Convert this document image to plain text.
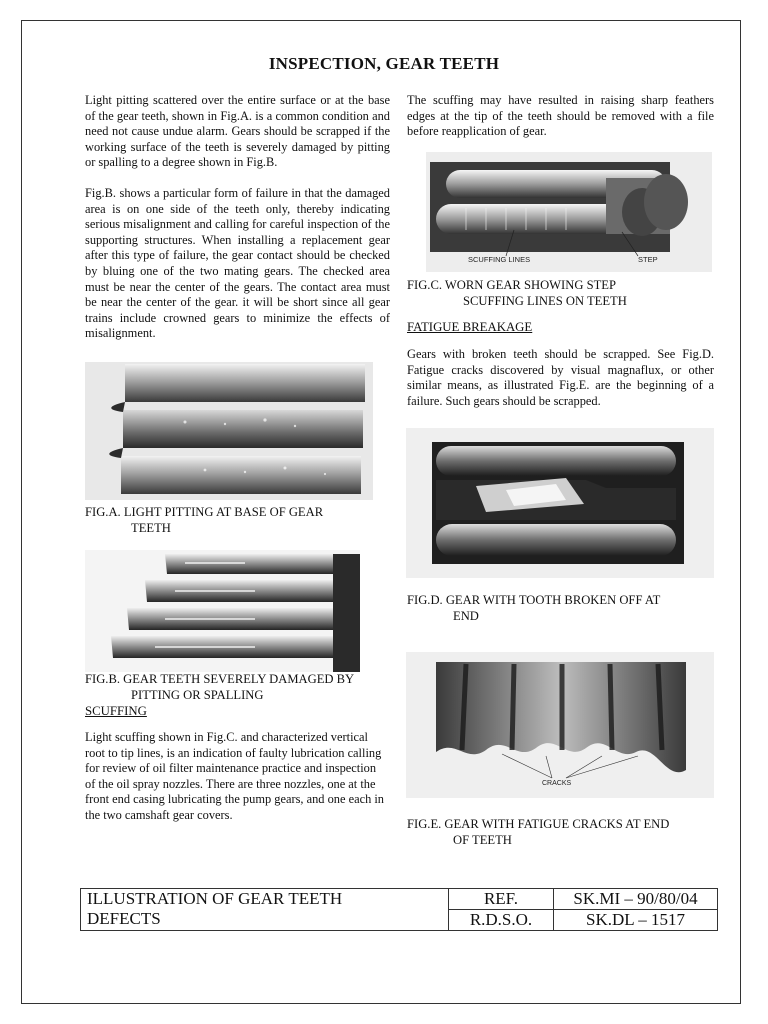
INSPECTION, GEAR TEETH

Light pitting scattered over the entire surface or at the base of the gear teeth, shown in Fig.A. is a common condition and need not cause undue alarm. Gears should be scrapped if the working surface of the teeth is severely damaged by pitting or spalling to a degree shown in Fig.B.

Fig.B. shows a particular form of failure in that the damaged area is on one side of the teeth only, thereby indicating serious misalignment and calling for careful inspection of the supporting structures. When installing a replacement gear after this type of failure, the gear contact should be checked by bluing one of the two mating gears. The checked area must be near the center of the gears. The contact area must be near the center of the gear. it will be short since all gear trains include crowned gears to minimize the effects of misalignment.

FIG.A. LIGHT PITTING AT BASE OF GEAR
TEETH
FIG.B. GEAR TEETH SEVERELY DAMAGED BY
PITTING OR SPALLING
SCUFFING

Light scuffing shown in Fig.C. and characterized vertical root to tip lines, is an indication of faulty lubrication calling for review of oil filter maintenance practice and inspection of the oil spray nozzles. There are three nozzles, one at the front end casing lubricating the pump gears, and one each in the two camshaft gear covers.

The scuffing may have resulted in raising sharp feathers edges at the tip of the teeth should be removed with a file before reapplication of gear.

SCUFFING LINES	STEP
FIG.C. WORN GEAR SHOWING STEP
SCUFFING LINES ON TEETH
FATIGUE BREAKAGE

Gears with broken teeth should be scrapped. See Fig.D. Fatigue cracks discovered by visual magnaflux, or other similar means, as illustrated Fig.E. are the beginning of a failure. Such gears should be scrapped.

FIG.D. GEAR WITH TOOTH BROKEN OFF AT
END
CRACKS
FIG.E. GEAR WITH FATIGUE CRACKS AT END
OF TEETH
ILLUSTRATION OF GEAR TEETH
DEFECTS	REF.	SK.MI – 90/80/04
	R.D.S.O.	SK.DL – 1517
